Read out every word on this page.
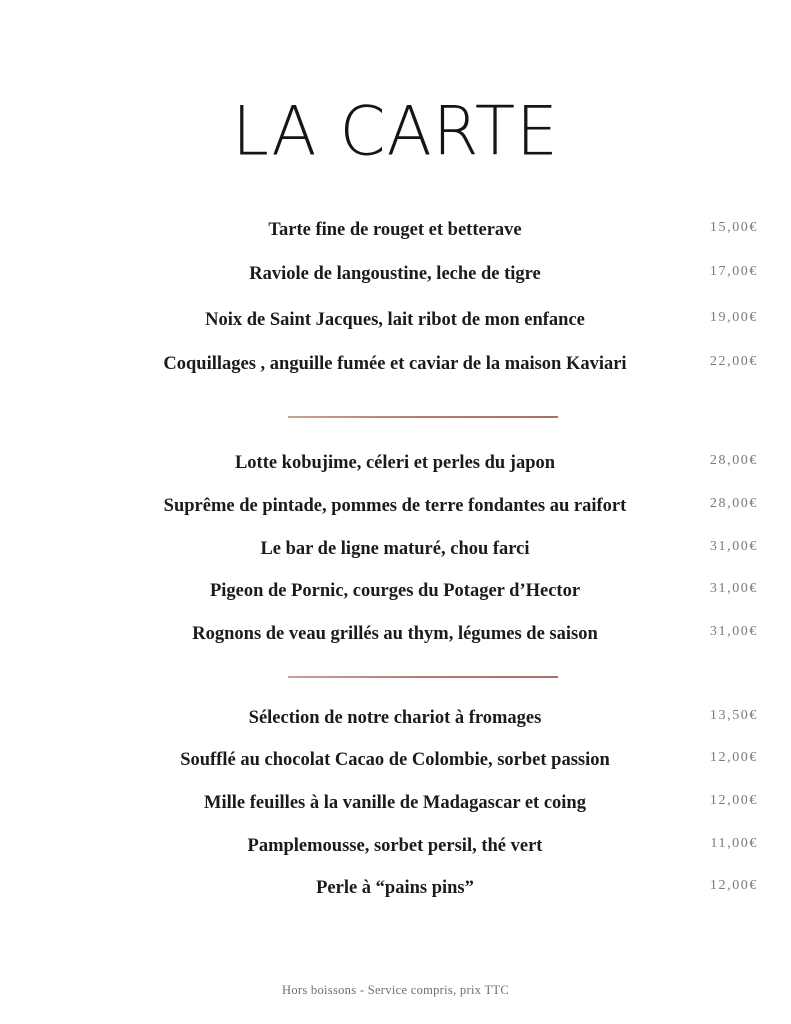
LA CARTE
Tarte fine de rouget et betterave	15,00€
Raviole de langoustine, leche de tigre	17,00€
Noix de Saint Jacques, lait ribot de mon enfance	19,00€
Coquillages , anguille fumée et caviar de la maison Kaviari	22,00€
Lotte kobujime, céleri et perles du japon	28,00€
Suprême de pintade, pommes de terre fondantes au raifort	28,00€
Le bar de ligne maturé, chou farci	31,00€
Pigeon de Pornic, courges du Potager d’Hector	31,00€
Rognons de veau grillés au thym, légumes de saison	31,00€
Sélection de notre chariot à fromages	13,50€
Soufflé au chocolat Cacao de Colombie, sorbet passion	12,00€
Mille feuilles à la vanille de Madagascar et coing	12,00€
Pamplemousse, sorbet persil, thé vert	11,00€
Perle à “pains pins”	12,00€
Hors boissons - Service compris, prix TTC
